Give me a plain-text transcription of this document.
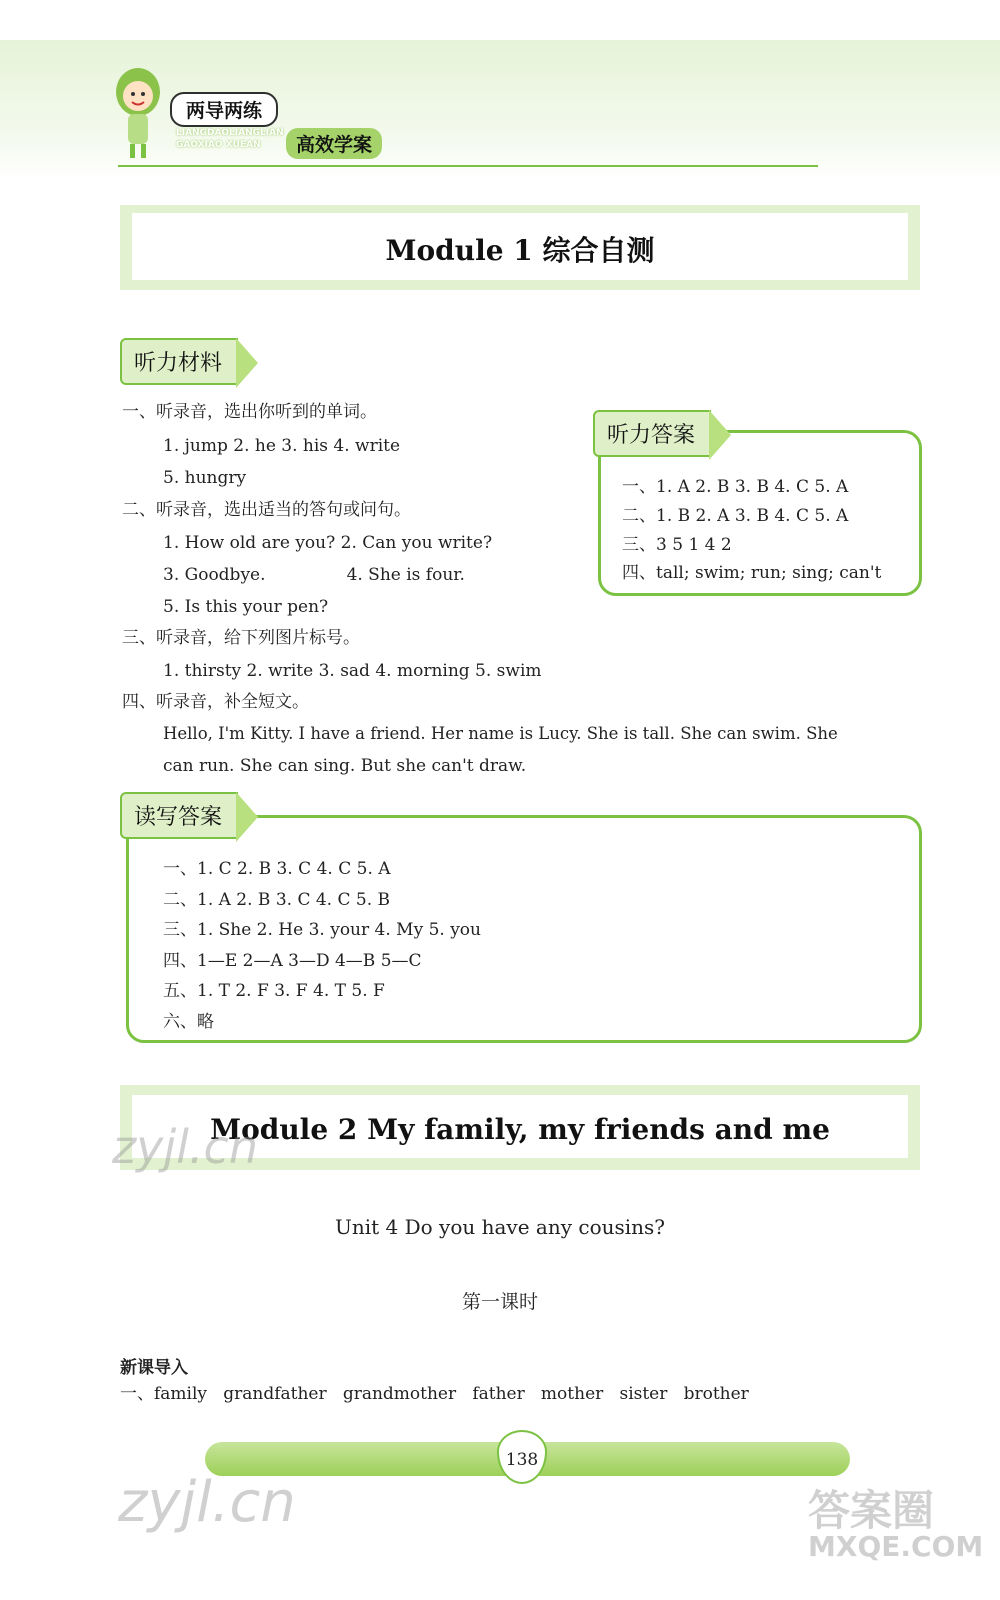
两导两练
LIANGDAOLIANGLIAN
GAOXIAO XUEAN	高效学案
Module 1 综合自测
听力材料
一、听录音，选出你听到的单词。
1. jump 2. he 3. his 4. write
5. hungry
二、听录音，选出适当的答句或问句。
1. How old are you? 2. Can you write?
3. Goodbye.               4. She is four.
5. Is this your pen?
三、听录音，给下列图片标号。
1. thirsty 2. write 3. sad 4. morning 5. swim
四、听录音，补全短文。
Hello, I'm Kitty. I have a friend. Her name is Lucy. She is tall. She can swim. She
can run. She can sing. But she can't draw.
听力答案
一、1. A 2. B 3. B 4. C 5. A
二、1. B 2. A 3. B 4. C 5. A
三、3 5 1 4 2
四、tall; swim; run; sing; can't
读写答案
一、1. C 2. B 3. C 4. C 5. A
二、1. A 2. B 3. C 4. C 5. B
三、1. She 2. He 3. your 4. My 5. you
四、1—E 2—A 3—D 4—B 5—C
五、1. T 2. F 3. F 4. T 5. F
六、略
Module 2 My family, my friends and me
zyjl.cn
Unit 4 Do you have any cousins?
第一课时
新课导入
一、family   grandfather   grandmother   father   mother   sister   brother
138
zyjl.cn	答案圈
MXQE.COM
